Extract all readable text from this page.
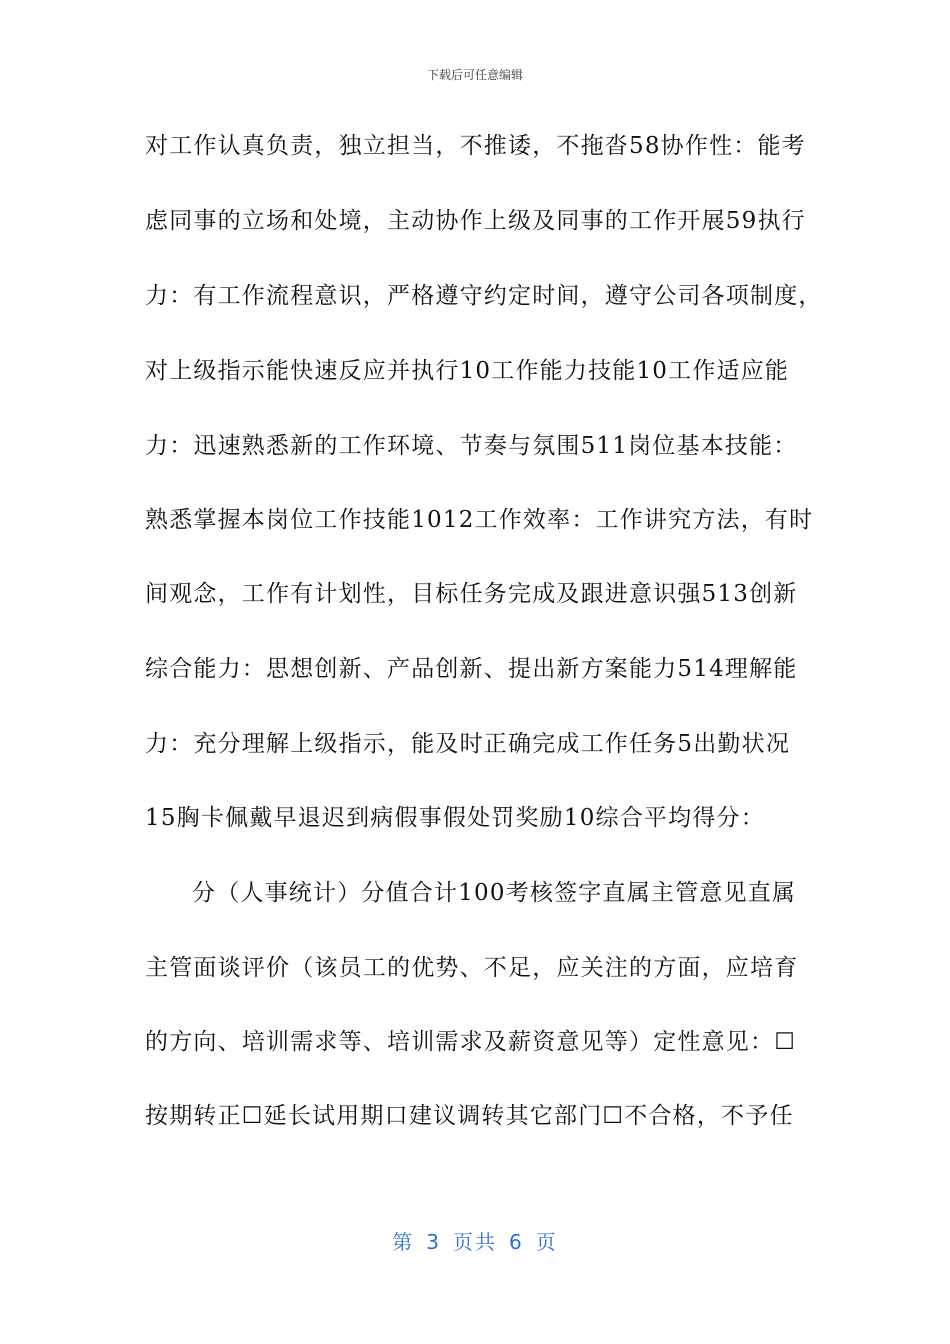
下载后可任意编辑
对工作认真负责，独立担当，不推诿，不拖沓58协作性：能考
虑同事的立场和处境，主动协作上级及同事的工作开展59执行
力：有工作流程意识，严格遵守约定时间，遵守公司各项制度，
对上级指示能快速反应并执行10工作能力技能10工作适应能
力：迅速熟悉新的工作环境、节奏与氛围511岗位基本技能：
熟悉掌握本岗位工作技能1012工作效率：工作讲究方法，有时
间观念，工作有计划性，目标任务完成及跟进意识强513创新
综合能力：思想创新、产品创新、提出新方案能力514理解能
力：充分理解上级指示，能及时正确完成工作任务5出勤状况
15胸卡佩戴早退迟到病假事假处罚奖励10综合平均得分：
分（人事统计）分值合计100考核签字直属主管意见直属
主管面谈评价（该员工的优势、不足，应关注的方面，应培育
的方向、培训需求等、培训需求及薪资意见等）定性意见：☐
按期转正☐延长试用期口建议调转其它部门☐不合格，不予任
第 3 页共 6 页
